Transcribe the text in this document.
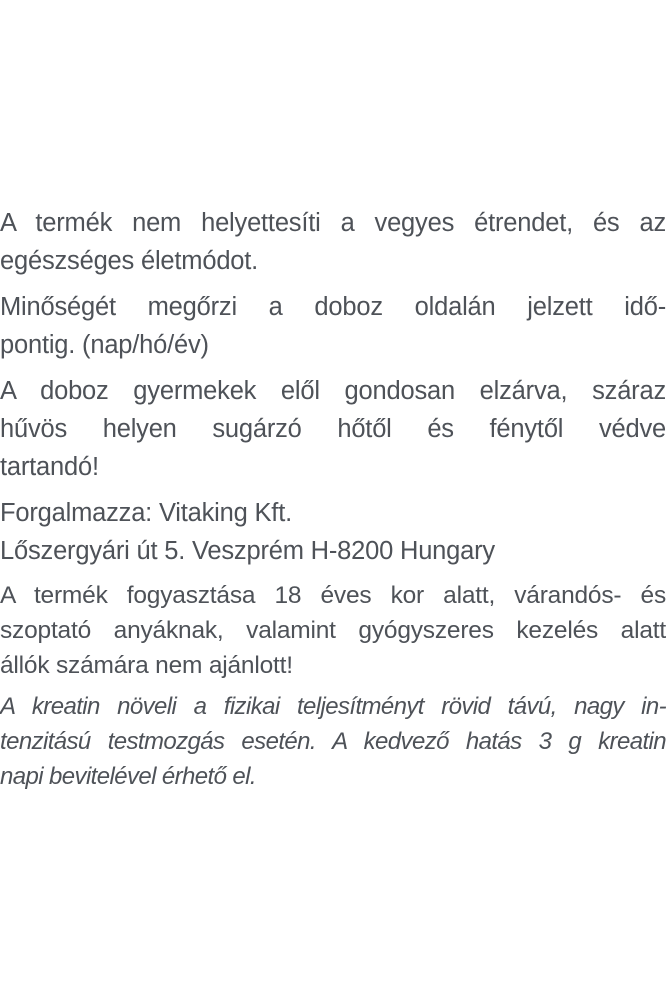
A termék nem helyettesíti a vegyes étrendet, és az
egészséges életmódot.

Minőségét megőrzi a doboz oldalán jelzett idő-
pontig. (nap/hó/év)

A doboz gyermekek elől gondosan elzárva, száraz
hűvös helyen sugárzó hőtől és fénytől védve
tartandó!

Forgalmazza: Vitaking Kft.
Lőszergyári út 5. Veszprém H-8200 Hungary

A termék fogyasztása 18 éves kor alatt, várandós- és
szoptató anyáknak, valamint gyógyszeres kezelés alatt
állók számára nem ajánlott!

A kreatin növeli a fizikai teljesítményt rövid távú, nagy in-
tenzitású testmozgás esetén. A kedvező hatás 3 g kreatin
napi bevitelével érhető el.
